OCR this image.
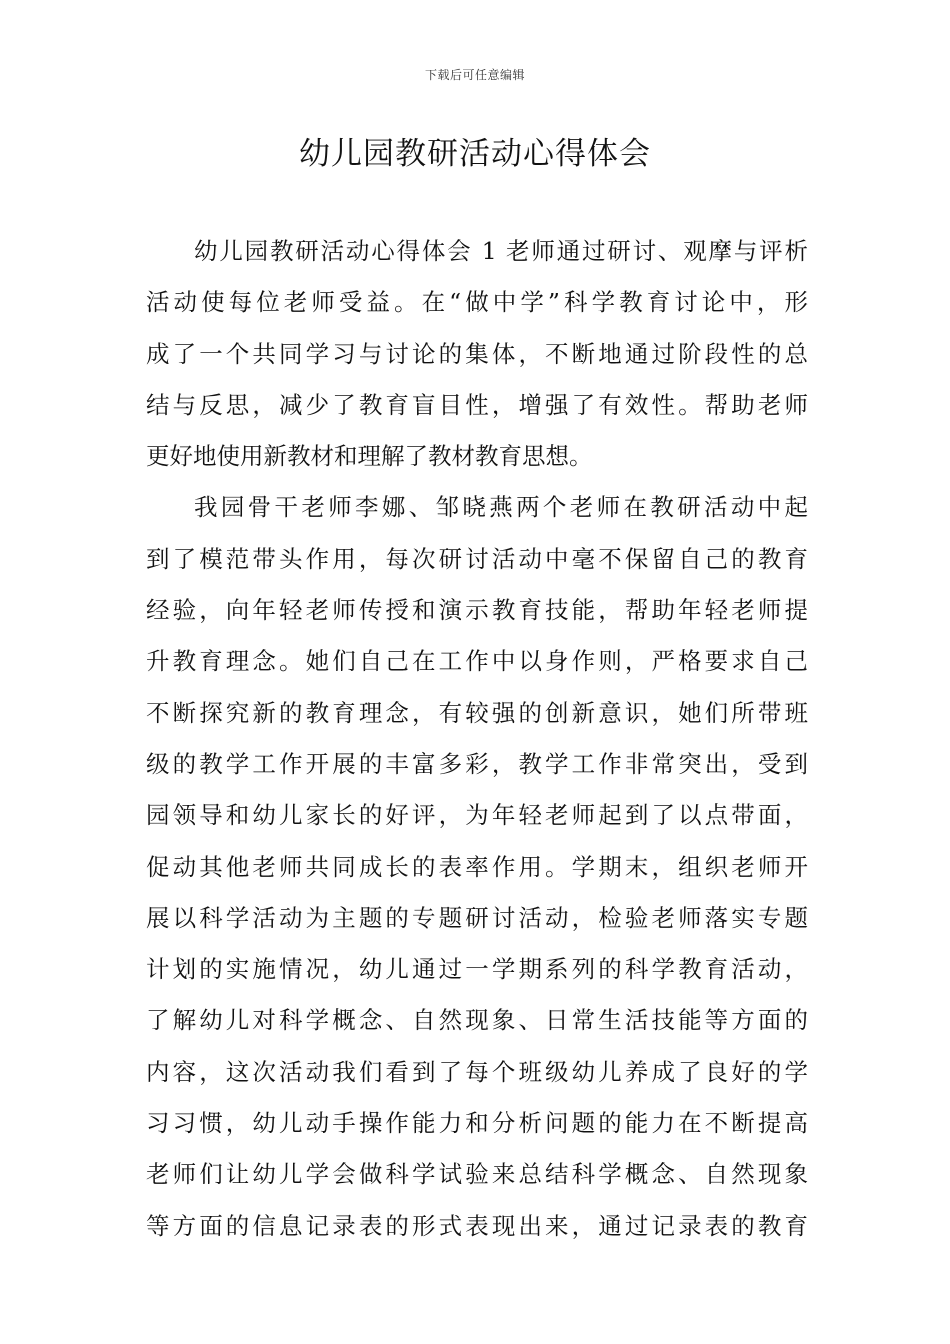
下载后可任意编辑
幼儿园教研活动心得体会
幼儿园教研活动心得体会 1 老师通过研讨、观摩与评析
活动使每位老师受益。在“做中学”科学教育讨论中，形
成了一个共同学习与讨论的集体，不断地通过阶段性的总
结与反思，减少了教育盲目性，增强了有效性。帮助老师
更好地使用新教材和理解了教材教育思想。
我园骨干老师李娜、邹晓燕两个老师在教研活动中起
到了模范带头作用，每次研讨活动中毫不保留自己的教育
经验，向年轻老师传授和演示教育技能，帮助年轻老师提
升教育理念。她们自己在工作中以身作则，严格要求自己
不断探究新的教育理念，有较强的创新意识，她们所带班
级的教学工作开展的丰富多彩，教学工作非常突出，受到
园领导和幼儿家长的好评，为年轻老师起到了以点带面，
促动其他老师共同成长的表率作用。学期末，组织老师开
展以科学活动为主题的专题研讨活动，检验老师落实专题
计划的实施情况，幼儿通过一学期系列的科学教育活动，
了解幼儿对科学概念、自然现象、日常生活技能等方面的
内容，这次活动我们看到了每个班级幼儿养成了良好的学
习习惯，幼儿动手操作能力和分析问题的能力在不断提高
老师们让幼儿学会做科学试验来总结科学概念、自然现象
等方面的信息记录表的形式表现出来，通过记录表的教育
